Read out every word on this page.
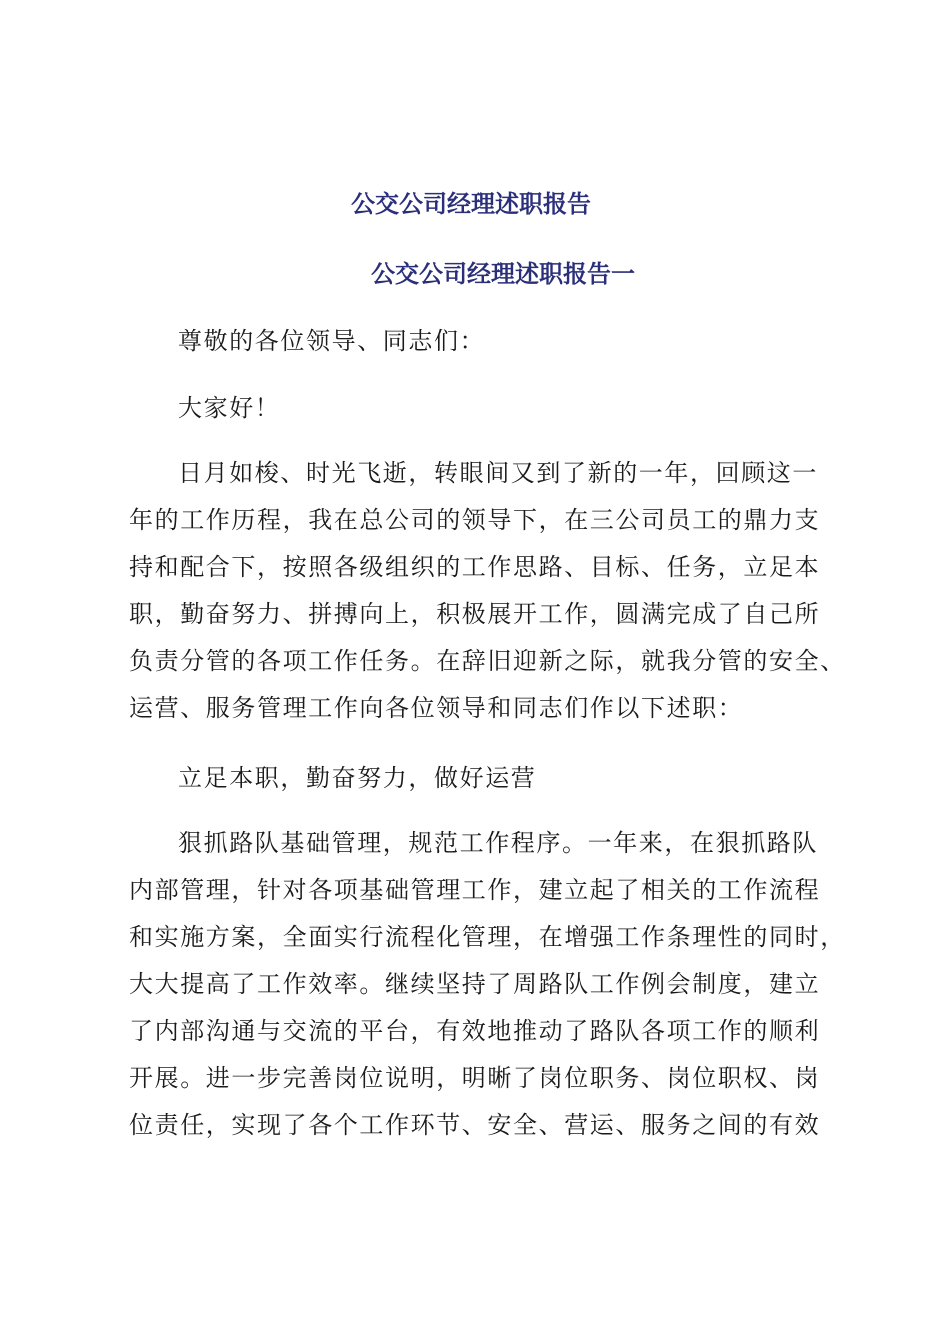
公交公司经理述职报告
公交公司经理述职报告一
尊敬的各位领导、同志们：
大家好！
日月如梭、时光飞逝，转眼间又到了新的一年，回顾这一
年的工作历程，我在总公司的领导下，在三公司员工的鼎力支
持和配合下，按照各级组织的工作思路、目标、任务，立足本
职，勤奋努力、拼搏向上，积极展开工作，圆满完成了自己所
负责分管的各项工作任务。在辞旧迎新之际，就我分管的安全、
运营、服务管理工作向各位领导和同志们作以下述职：
立足本职，勤奋努力，做好运营
狠抓路队基础管理，规范工作程序。一年来，在狠抓路队
内部管理，针对各项基础管理工作，建立起了相关的工作流程
和实施方案，全面实行流程化管理，在增强工作条理性的同时，
大大提高了工作效率。继续坚持了周路队工作例会制度，建立
了内部沟通与交流的平台，有效地推动了路队各项工作的顺利
开展。进一步完善岗位说明，明晰了岗位职务、岗位职权、岗
位责任，实现了各个工作环节、安全、营运、服务之间的有效
